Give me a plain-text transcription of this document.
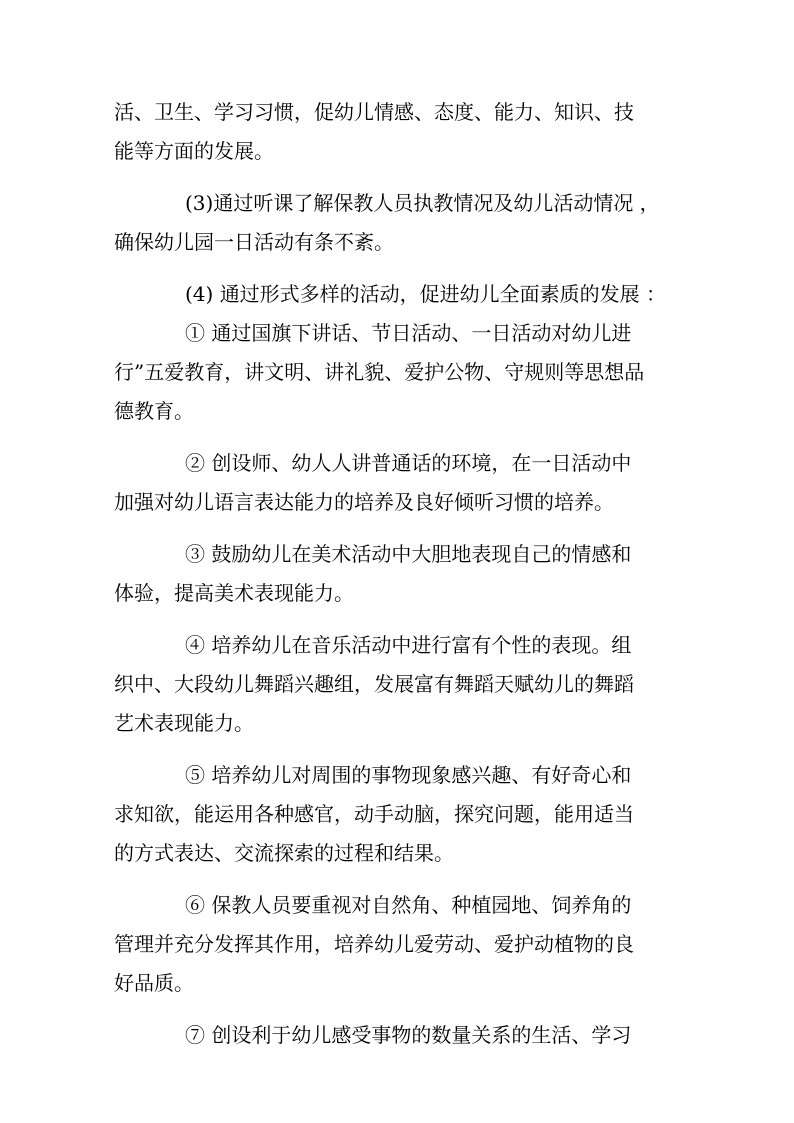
活、卫生、学习习惯，促幼儿情感、态度、能力、知识、技
能等方面的发展。
(3)通过听课了解保教人员执教情况及幼儿活动情况 ，
确保幼儿园一日活动有条不紊。
(4) 通过形式多样的活动，促进幼儿全面素质的发展 ：
① 通过国旗下讲话、节日活动、一日活动对幼儿进
行”五爱教育，讲文明、讲礼貌、爱护公物、守规则等思想品
德教育。
② 创设师、幼人人讲普通话的环境，在一日活动中
加强对幼儿语言表达能力的培养及良好倾听习惯的培养。
③ 鼓励幼儿在美术活动中大胆地表现自己的情感和
体验，提高美术表现能力。
④ 培养幼儿在音乐活动中进行富有个性的表现。组
织中、大段幼儿舞蹈兴趣组，发展富有舞蹈天赋幼儿的舞蹈
艺术表现能力。
⑤ 培养幼儿对周围的事物现象感兴趣、有好奇心和
求知欲，能运用各种感官，动手动脑，探究问题，能用适当
的方式表达、交流探索的过程和结果。
⑥ 保教人员要重视对自然角、种植园地、饲养角的
管理并充分发挥其作用，培养幼儿爱劳动、爱护动植物的良
好品质。
⑦ 创设利于幼儿感受事物的数量关系的生活、学习
